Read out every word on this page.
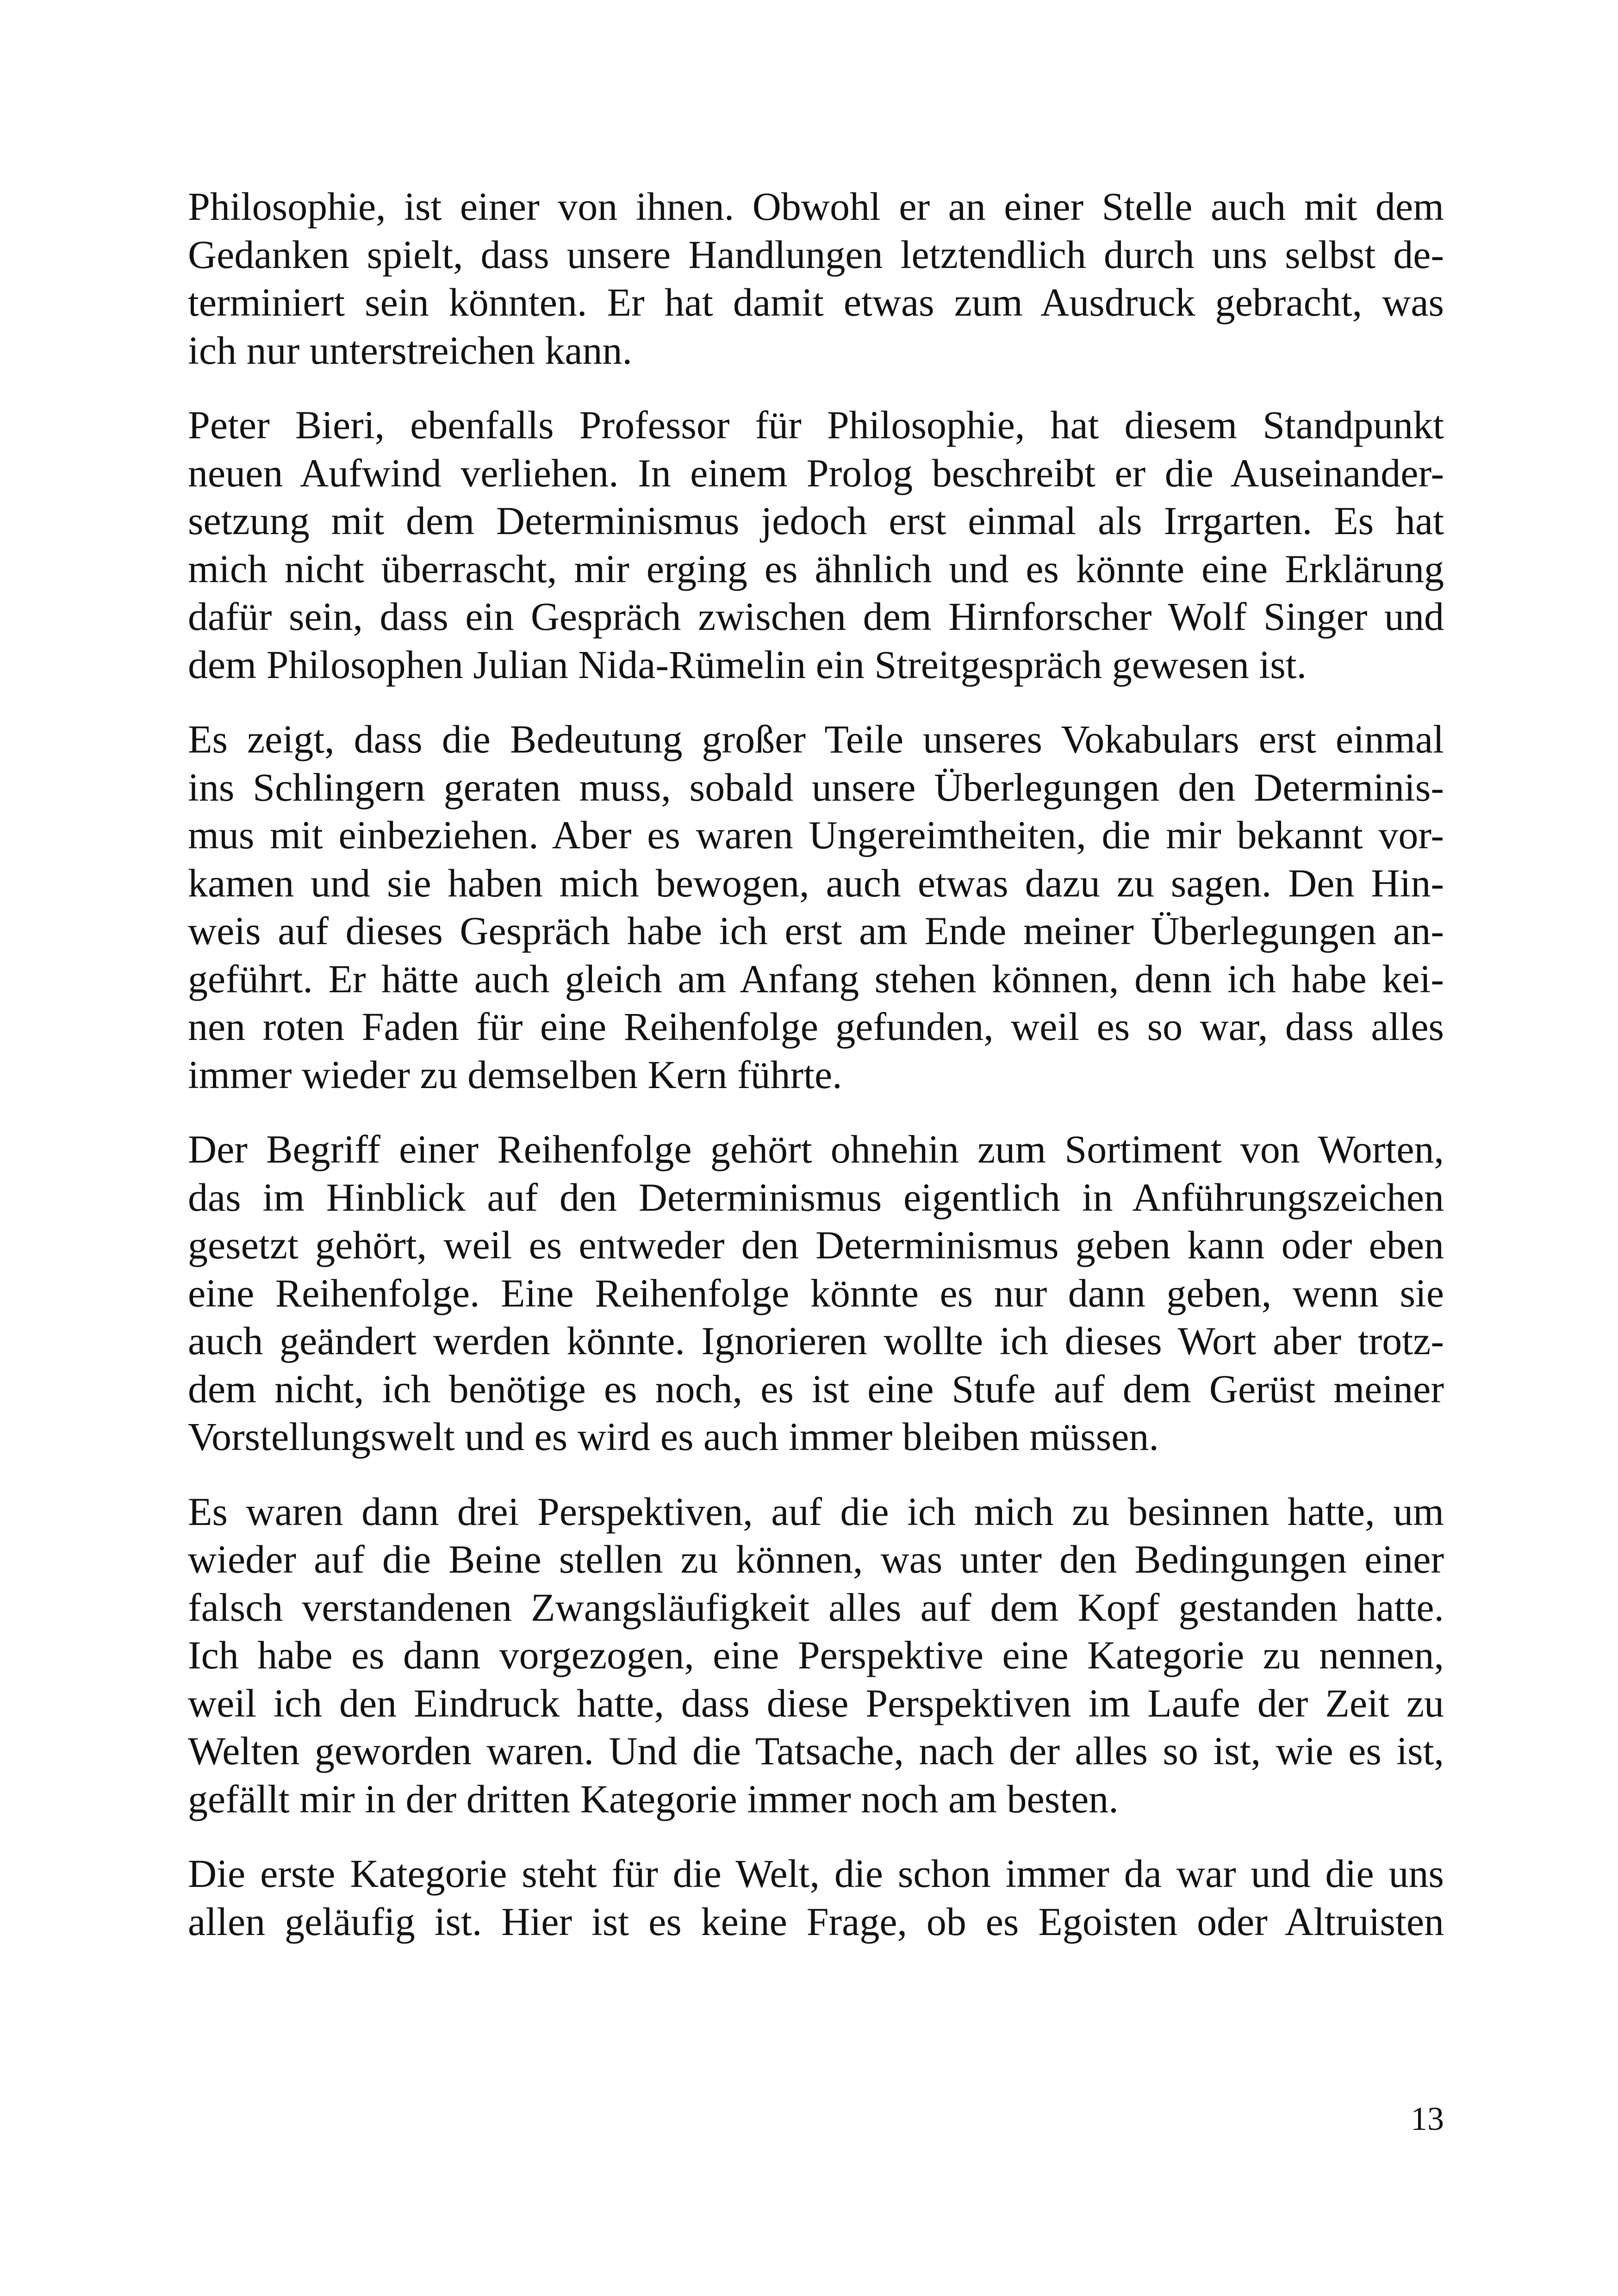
Philosophie, ist einer von ihnen. Obwohl er an einer Stelle auch mit dem
Gedanken spielt, dass unsere Handlungen letztendlich durch uns selbst de-
terminiert sein könnten. Er hat damit etwas zum Ausdruck gebracht, was
ich nur unterstreichen kann.
Peter Bieri, ebenfalls Professor für Philosophie, hat diesem Standpunkt
neuen Aufwind verliehen. In einem Prolog beschreibt er die Auseinander-
setzung mit dem Determinismus jedoch erst einmal als Irrgarten. Es hat
mich nicht überrascht, mir erging es ähnlich und es könnte eine Erklärung
dafür sein, dass ein Gespräch zwischen dem Hirnforscher Wolf Singer und
dem Philosophen Julian Nida-Rümelin ein Streitgespräch gewesen ist.
Es zeigt, dass die Bedeutung großer Teile unseres Vokabulars erst einmal
ins Schlingern geraten muss, sobald unsere Überlegungen den Determinis-
mus mit einbeziehen. Aber es waren Ungereimtheiten, die mir bekannt vor-
kamen und sie haben mich bewogen, auch etwas dazu zu sagen. Den Hin-
weis auf dieses Gespräch habe ich erst am Ende meiner Überlegungen an-
geführt. Er hätte auch gleich am Anfang stehen können, denn ich habe kei-
nen roten Faden für eine Reihenfolge gefunden, weil es so war, dass alles
immer wieder zu demselben Kern führte.
Der Begriff einer Reihenfolge gehört ohnehin zum Sortiment von Worten,
das im Hinblick auf den Determinismus eigentlich in Anführungszeichen
gesetzt gehört, weil es entweder den Determinismus geben kann oder eben
eine Reihenfolge. Eine Reihenfolge könnte es nur dann geben, wenn sie
auch geändert werden könnte. Ignorieren wollte ich dieses Wort aber trotz-
dem nicht, ich benötige es noch, es ist eine Stufe auf dem Gerüst meiner
Vorstellungswelt und es wird es auch immer bleiben müssen.
Es waren dann drei Perspektiven, auf die ich mich zu besinnen hatte, um
wieder auf die Beine stellen zu können, was unter den Bedingungen einer
falsch verstandenen Zwangsläufigkeit alles auf dem Kopf gestanden hatte.
Ich habe es dann vorgezogen, eine Perspektive eine Kategorie zu nennen,
weil ich den Eindruck hatte, dass diese Perspektiven im Laufe der Zeit zu
Welten geworden waren. Und die Tatsache, nach der alles so ist, wie es ist,
gefällt mir in der dritten Kategorie immer noch am besten.
Die erste Kategorie steht für die Welt, die schon immer da war und die uns
allen geläufig ist. Hier ist es keine Frage, ob es Egoisten oder Altruisten
13
